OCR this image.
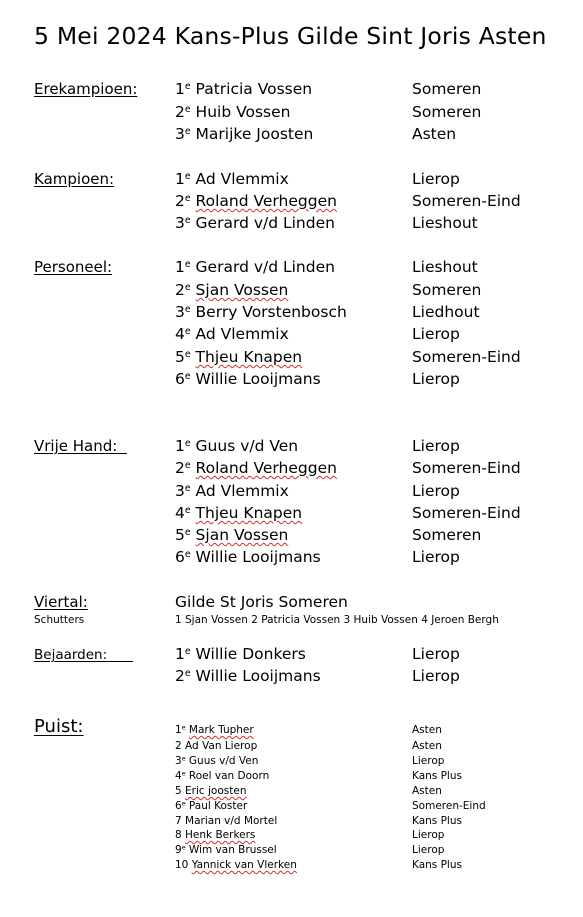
5 Mei 2024 Kans-Plus Gilde Sint Joris Asten
Erekampioen: 1e Patricia Vossen	Someren
2e Huib Vossen	Someren
3e Marijke Joosten	Asten
Kampioen:	1e Ad Vlemmix	Lierop
2e Roland Verheggen	Someren-Eind
3e Gerard v/d Linden	Lieshout
Personeel:	1e Gerard v/d Linden	Lieshout
2e Sjan Vossen	Someren
3e Berry Vorstenbosch	Liedhout
4e Ad Vlemmix	Lierop
5e Thjeu Knapen	Someren-Eind
6e Willie Looijmans	Lierop
Vrije Hand:	1e Guus v/d Ven	Lierop
2e Roland Verheggen	Someren-Eind
3e Ad Vlemmix	Lierop
4e Thjeu Knapen	Someren-Eind
5e Sjan Vossen	Someren
6e Willie Looijmans	Lierop
Viertal:	Gilde St Joris Someren
Schutters	1 Sjan Vossen 2 Patricia Vossen 3 Huib Vossen 4 Jeroen Bergh
Bejaarden:	1e Willie Donkers	Lierop
2e Willie Looijmans	Lierop
Puist:	1e Mark Tupher	Asten
2 Ad Van Lierop	Asten
3e Guus v/d Ven	Lierop
4e Roel van Doorn	Kans Plus
5 Eric joosten	Asten
6e Paul Koster	Someren-Eind
7 Marian v/d Mortel	Kans Plus
8 Henk Berkers	Lierop
9e Wim van Brussel	Lierop
10 Yannick van Vlerken	Kans Plus
